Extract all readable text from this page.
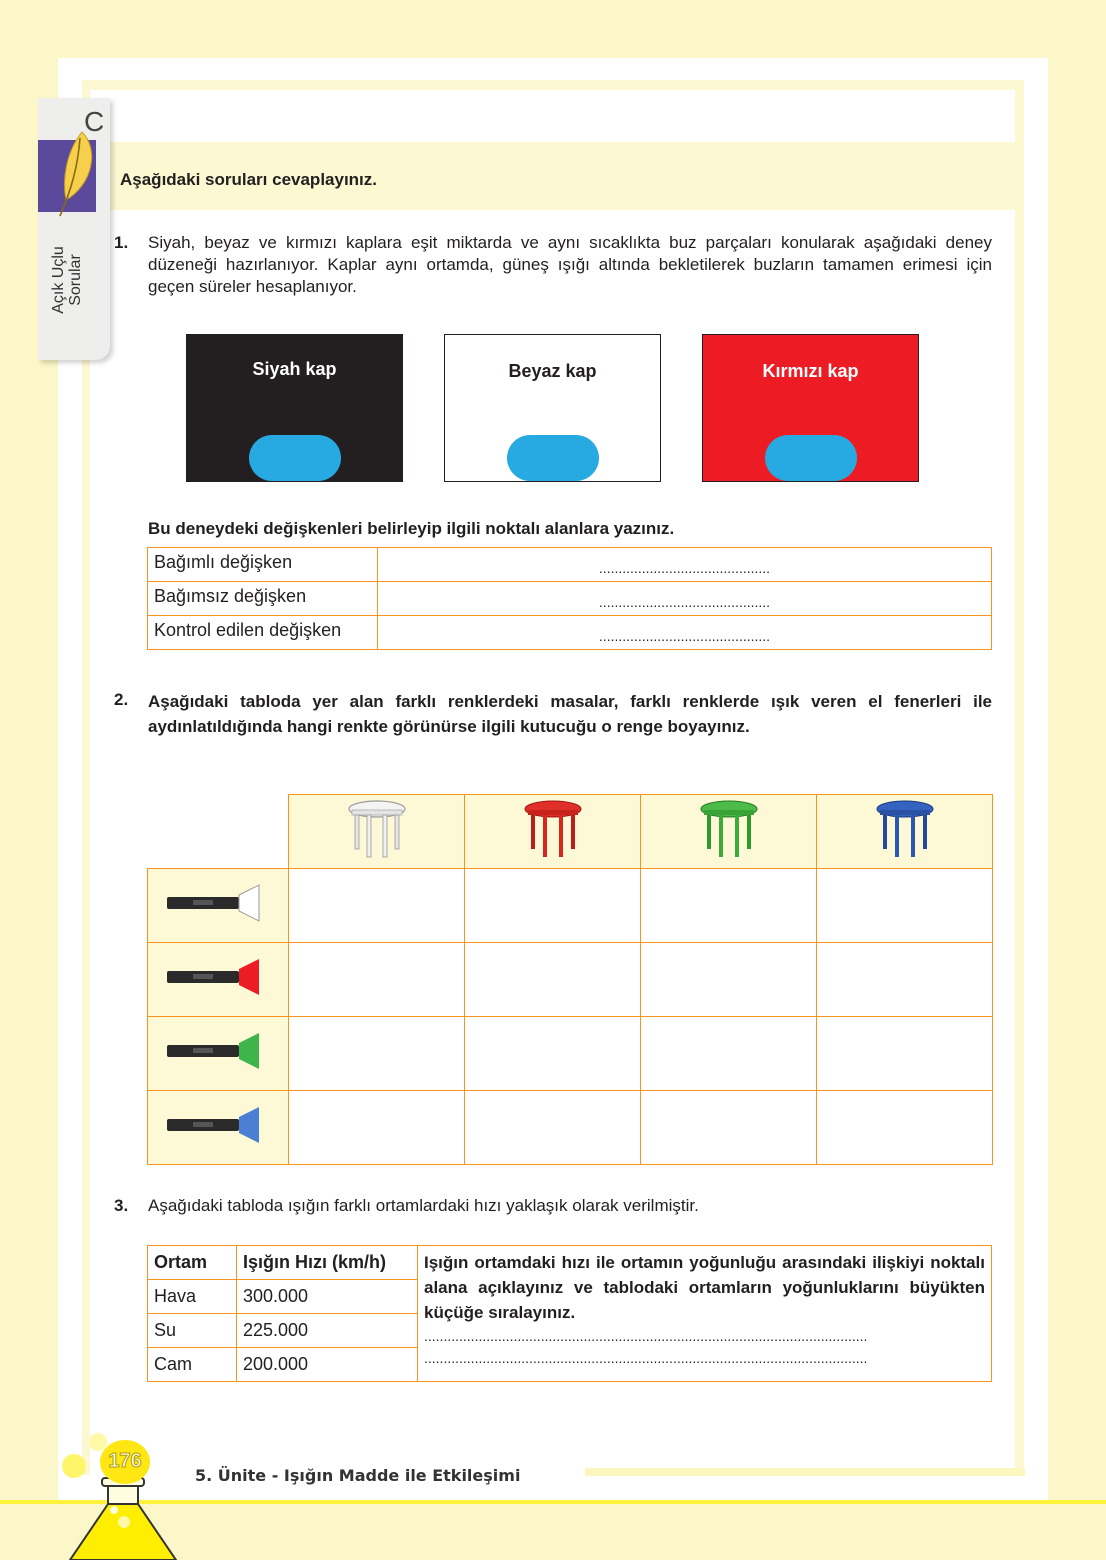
C
Açık Uçlu Sorular
Aşağıdaki soruları cevaplayınız.
1. Siyah, beyaz ve kırmızı kaplara eşit miktarda ve aynı sıcaklıkta buz parçaları konularak aşağıdaki deney düzeneği hazırlanıyor. Kaplar aynı ortamda, güneş ışığı altında bekletilerek buzların tamamen erimesi için geçen süreler hesaplanıyor.
Siyah kap	Beyaz kap	Kırmızı kap
Bu deneydeki değişkenleri belirleyip ilgili noktalı alanlara yazınız.
Bağımlı değişken	............................................

Bağımsız değişken	............................................

Kontrol edilen değişken	............................................
2. Aşağıdaki tabloda yer alan farklı renklerdeki masalar, farklı renklerde ışık veren el fenerleri ile aydınlatıldığında hangi renkte görünürse ilgili kutucuğu o renge boyayınız.

3. Aşağıdaki tabloda ışığın farklı ortamlardaki hızı yaklaşık olarak verilmiştir.
Ortam	Işığın Hızı (km/h)	Işığın ortamdaki hızı ile ortamın yoğunluğu arasındaki ilişkiyi noktalı alana açıklayınız ve tablodaki ortamların yoğunluklarını büyükten küçüğe sıralayınız.
..................................................................................................................
..................................................................................................................

Hava	300.000	
Su	225.000	
Cam	200.000	
176
5. Ünite - Işığın Madde ile Etkileşimi
